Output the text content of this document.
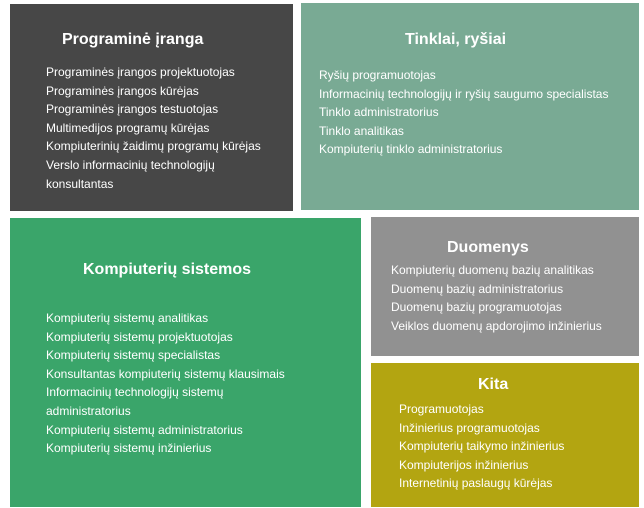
Programinė įranga
Programinės įrangos projektuotojas
Programinės įrangos kūrėjas
Programinės įrangos testuotojas
Multimedijos programų kūrėjas
Kompiuterinių žaidimų programų kūrėjas
Verslo informacinių technologijų
konsultantas
Tinklai, ryšiai
Ryšių programuotojas
Informacinių technologijų ir ryšių saugumo specialistas
Tinklo administratorius
Tinklo analitikas
Kompiuterių tinklo administratorius
Kompiuterių sistemos
Kompiuterių sistemų analitikas
Kompiuterių sistemų projektuotojas
Kompiuterių sistemų specialistas
Konsultantas kompiuterių sistemų klausimais
Informacinių technologijų sistemų
administratorius
Kompiuterių sistemų administratorius
Kompiuterių sistemų inžinierius
Duomenys
Kompiuterių duomenų bazių analitikas
Duomenų bazių administratorius
Duomenų bazių programuotojas
Veiklos duomenų apdorojimo inžinierius
Kita
Programuotojas
Inžinierius programuotojas
Kompiuterių taikymo inžinierius
Kompiuterijos inžinierius
Internetinių paslaugų kūrėjas
